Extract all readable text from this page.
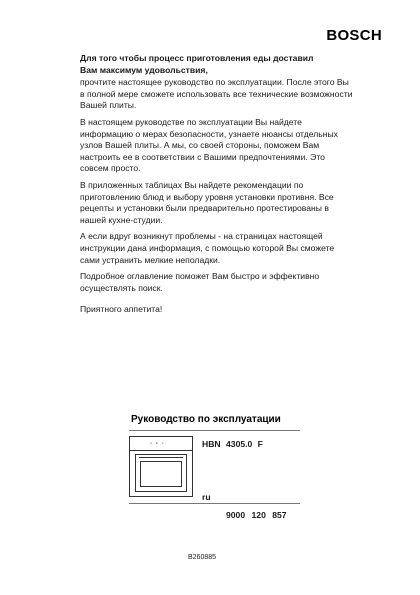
BOSCH
Для того чтобы процесс приготовления еды доставил
Вам максимум удовольствия,

прочтите настоящее руководство по эксплуатации. После этого Вы в полной мере сможете использовать все технические возможности Вашей плиты.

В настоящем руководстве по эксплуатации Вы найдете информацию о мерах безопасности, узнаете нюансы отдельных узлов Вашей плиты. А мы, со своей стороны, поможем Вам настроить ее в соответствии с Вашими предпочтениями. Это совсем просто.

В приложенных таблицах Вы найдете рекомендации по приготовлению блюд и выбору уровня установки противня. Все рецепты и установки были предварительно протестированы в нашей кухне-студии.

А если вдруг возникнут проблемы - на страницах настоящей инструкции дана информация, с помощью которой Вы сможете сами устранить мелкие неполадки.

Подробное оглавление поможет Вам быстро и эффективно осуществлять поиск.

Приятного аппетита!

Руководство по эксплуатации
◦ ▫ ◦	HBN 4305.0 F
ru
9000 120 857
B260885
